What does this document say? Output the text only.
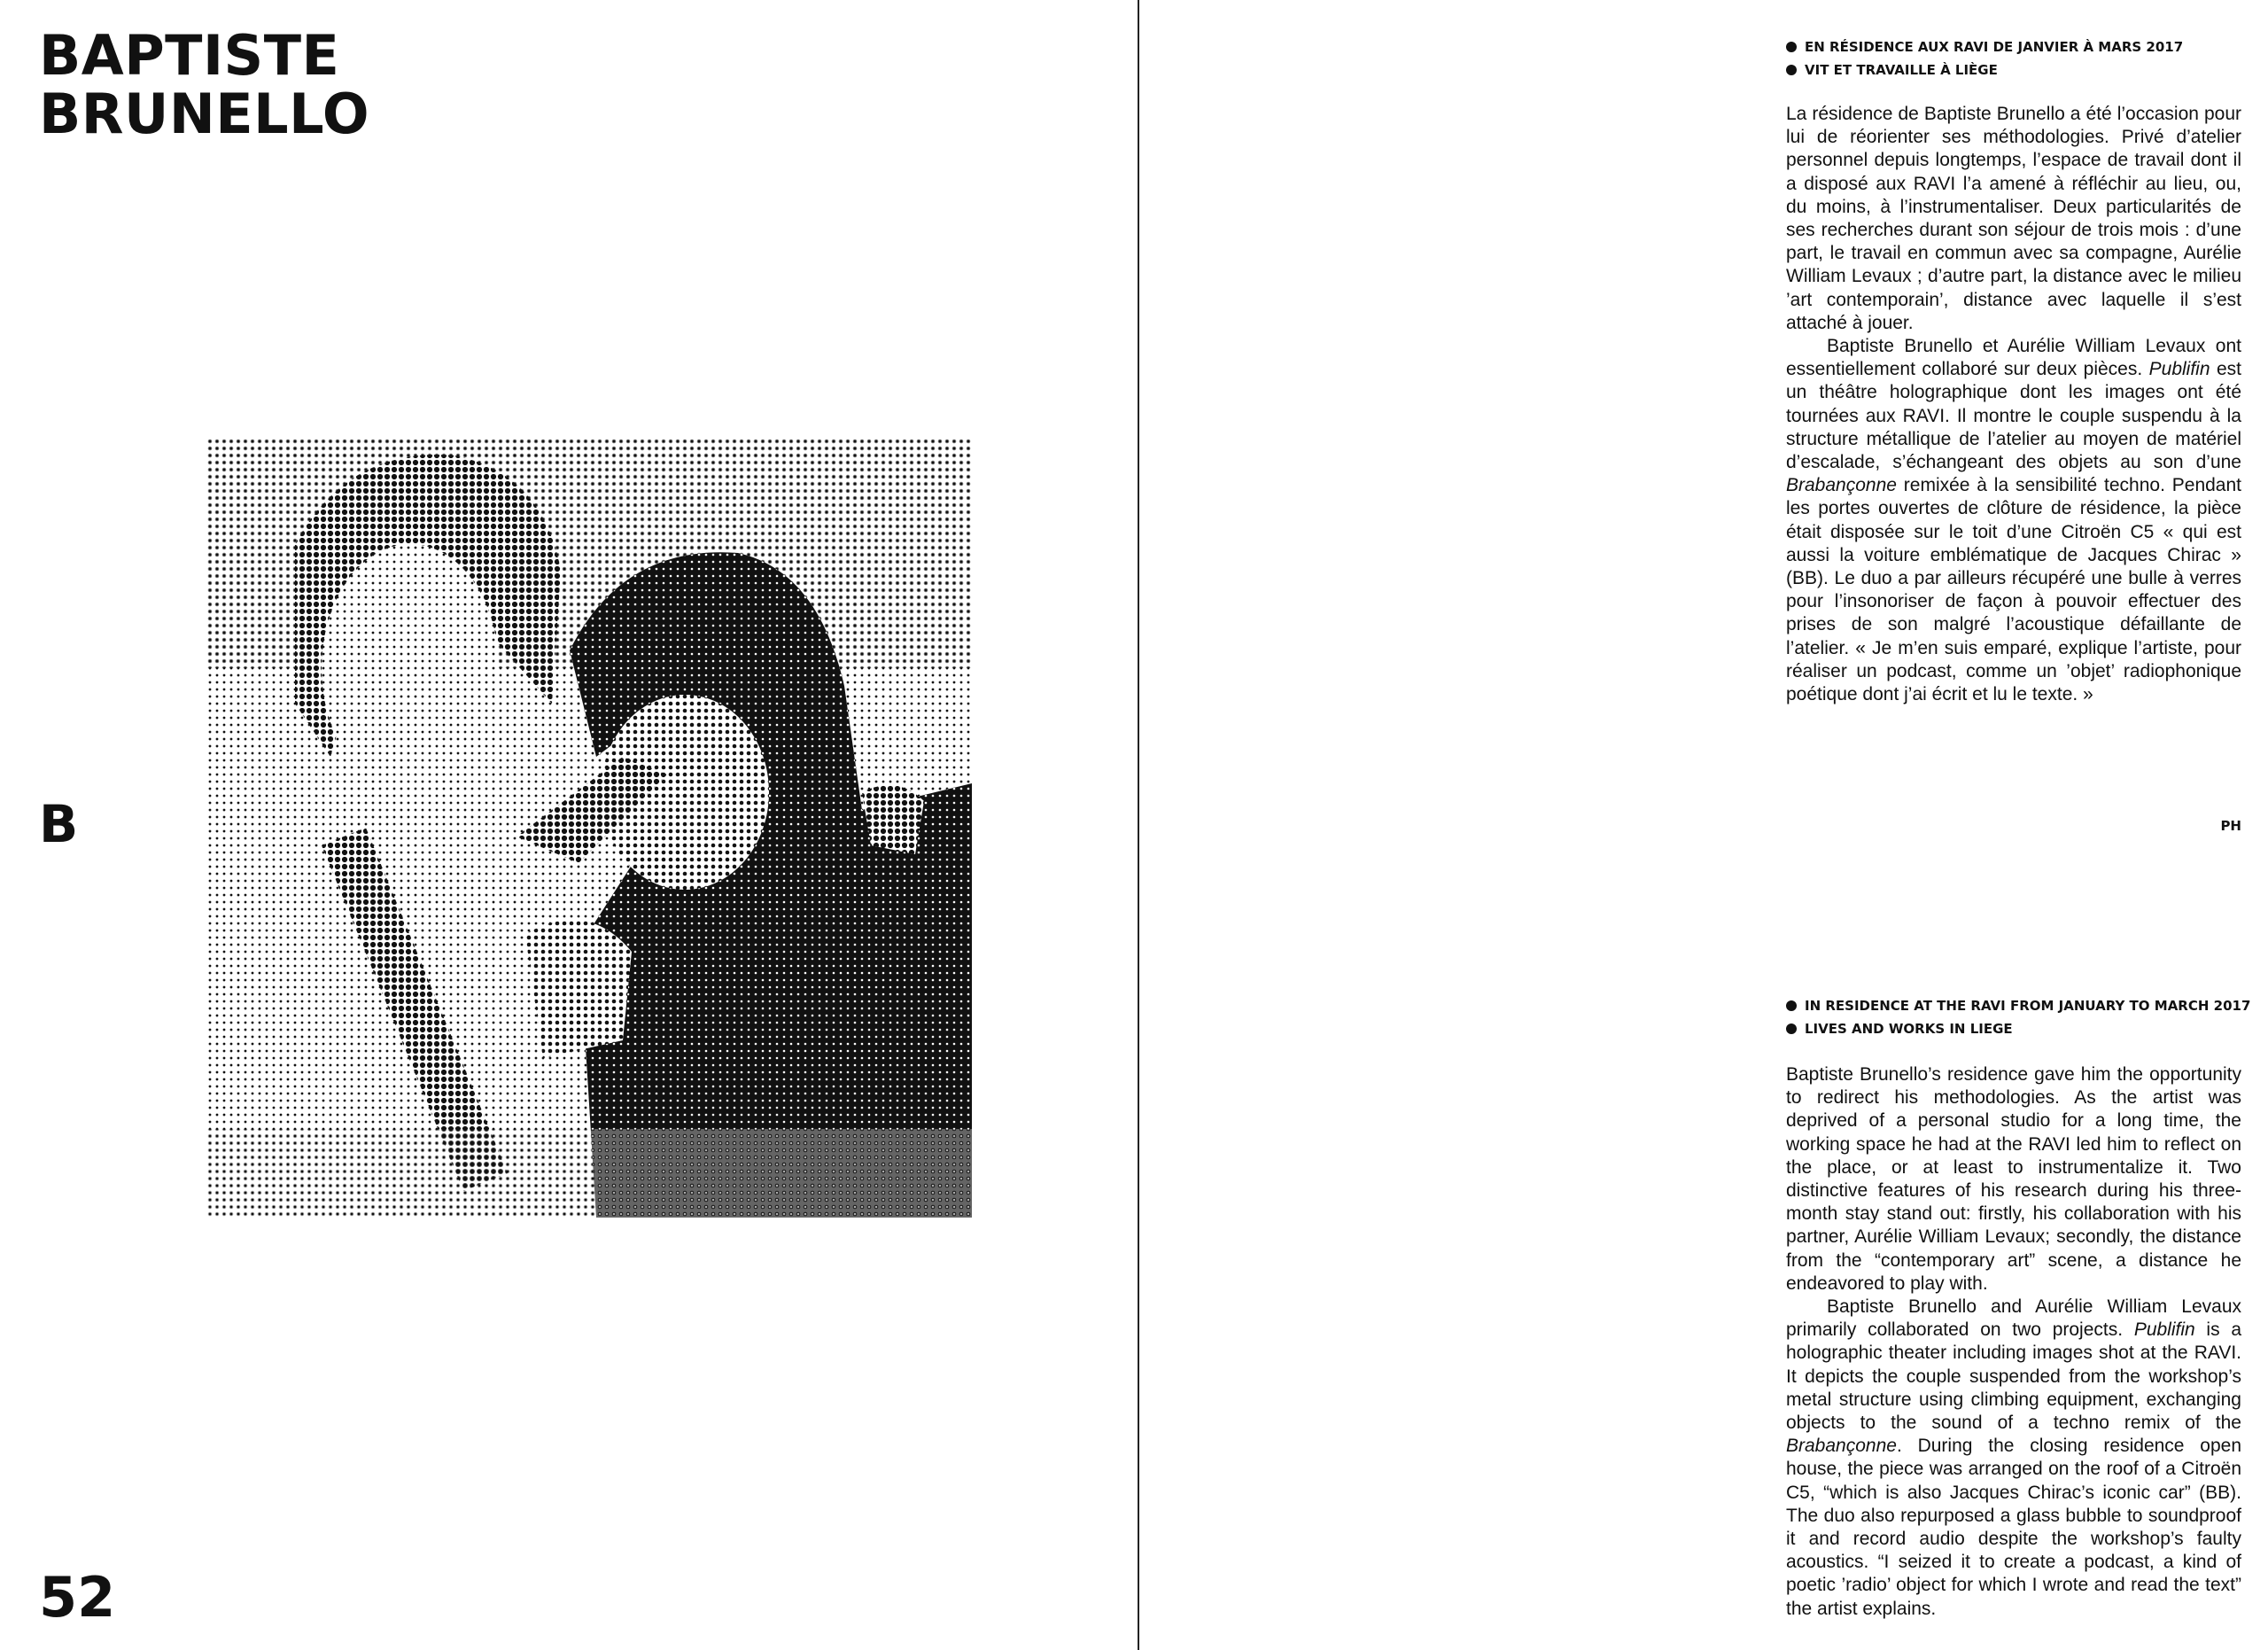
BAPTISTE
BRUNELLO
B
52
EN RÉSIDENCE AUX RAVI DE JANVIER À MARS 2017
VIT ET TRAVAILLE À LIÈGE

La résidence de Baptiste Brunello a été l’occasion pour lui de réorienter ses méthodologies. Privé d’atelier personnel depuis longtemps, l’espace de travail dont il a disposé aux RAVI l’a amené à réfléchir au lieu, ou, du moins, à l’instrumentaliser. Deux particularités de ses recherches durant son séjour de trois mois : d’une part, le travail en commun avec sa compagne, Aurélie William Levaux ; d’autre part, la distance avec le milieu ’art contemporain’, distance avec laquelle il s’est attaché à jouer.

Baptiste Brunello et Aurélie William Levaux ont essentiellement collaboré sur deux pièces. Publifin est un théâtre holographique dont les images ont été tournées aux RAVI. Il montre le couple suspendu à la structure métallique de l’atelier au moyen de matériel d’escalade, s’échangeant des objets au son d’une Brabançonne remixée à la sensibilité techno. Pendant les portes ouvertes de clôture de résidence, la pièce était disposée sur le toit d’une Citroën C5 « qui est aussi la voiture emblématique de Jacques Chirac » (BB). Le duo a par ailleurs récupéré une bulle à verres pour l’insonoriser de façon à pouvoir effectuer des prises de son malgré l’acoustique défaillante de l’atelier. « Je m’en suis emparé, explique l’artiste, pour réaliser un podcast, comme un ’objet’ radiophonique poétique dont j’ai écrit et lu le texte. »

PH
IN RESIDENCE AT THE RAVI FROM JANUARY TO MARCH 2017
LIVES AND WORKS IN LIEGE

Baptiste Brunello’s residence gave him the opportunity to redirect his methodologies. As the artist was deprived of a personal studio for a long time, the working space he had at the RAVI led him to reflect on the place, or at least to instrumentalize it. Two distinctive features of his research during his three-month stay stand out: firstly, his collaboration with his partner, Aurélie William Levaux; secondly, the distance from the “contemporary art” scene, a distance he endeavored to play with.

Baptiste Brunello and Aurélie William Levaux primarily collaborated on two projects. Publifin is a holographic theater including images shot at the RAVI. It depicts the couple suspended from the workshop’s metal structure using climbing equipment, exchanging objects to the sound of a techno remix of the Brabançonne. During the closing residence open house, the piece was arranged on the roof of a Citroën C5, “which is also Jacques Chirac’s iconic car” (BB). The duo also repurposed a glass bubble to soundproof it and record audio despite the workshop’s faulty acoustics. “I seized it to create a podcast, a kind of poetic ’radio’ object for which I wrote and read the text” the artist explains.
